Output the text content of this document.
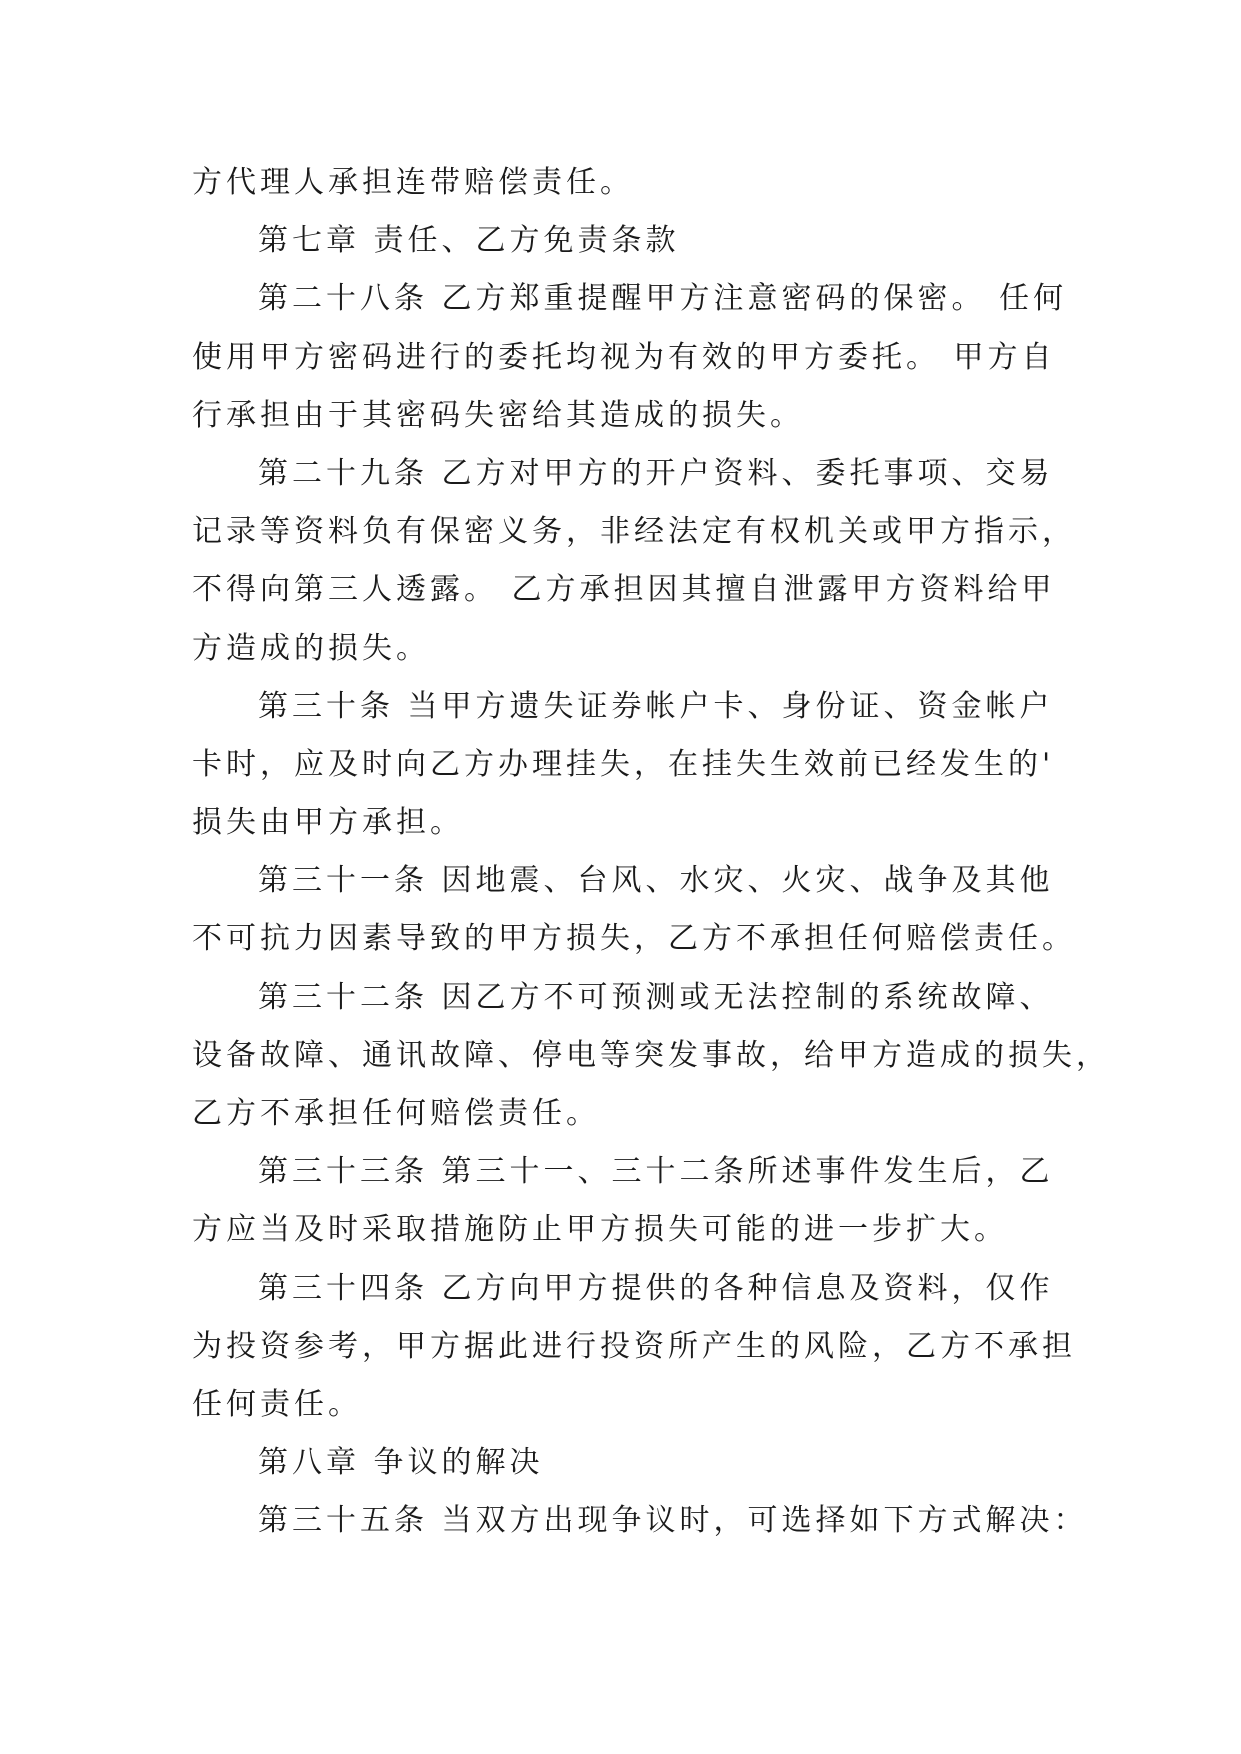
方代理人承担连带赔偿责任。
第七章 责任、乙方免责条款
第二十八条 乙方郑重提醒甲方注意密码的保密。 任何
使用甲方密码进行的委托均视为有效的甲方委托。 甲方自
行承担由于其密码失密给其造成的损失。
第二十九条 乙方对甲方的开户资料、委托事项、交易
记录等资料负有保密义务，非经法定有权机关或甲方指示，
不得向第三人透露。 乙方承担因其擅自泄露甲方资料给甲
方造成的损失。
第三十条 当甲方遗失证券帐户卡、身份证、资金帐户
卡时，应及时向乙方办理挂失，在挂失生效前已经发生的'
损失由甲方承担。
第三十一条 因地震、台风、水灾、火灾、战争及其他
不可抗力因素导致的甲方损失，乙方不承担任何赔偿责任。
第三十二条 因乙方不可预测或无法控制的系统故障、
设备故障、通讯故障、停电等突发事故，给甲方造成的损失，
乙方不承担任何赔偿责任。
第三十三条 第三十一、三十二条所述事件发生后，乙
方应当及时采取措施防止甲方损失可能的进一步扩大。
第三十四条 乙方向甲方提供的各种信息及资料，仅作
为投资参考，甲方据此进行投资所产生的风险，乙方不承担
任何责任。
第八章 争议的解决
第三十五条 当双方出现争议时，可选择如下方式解决：
